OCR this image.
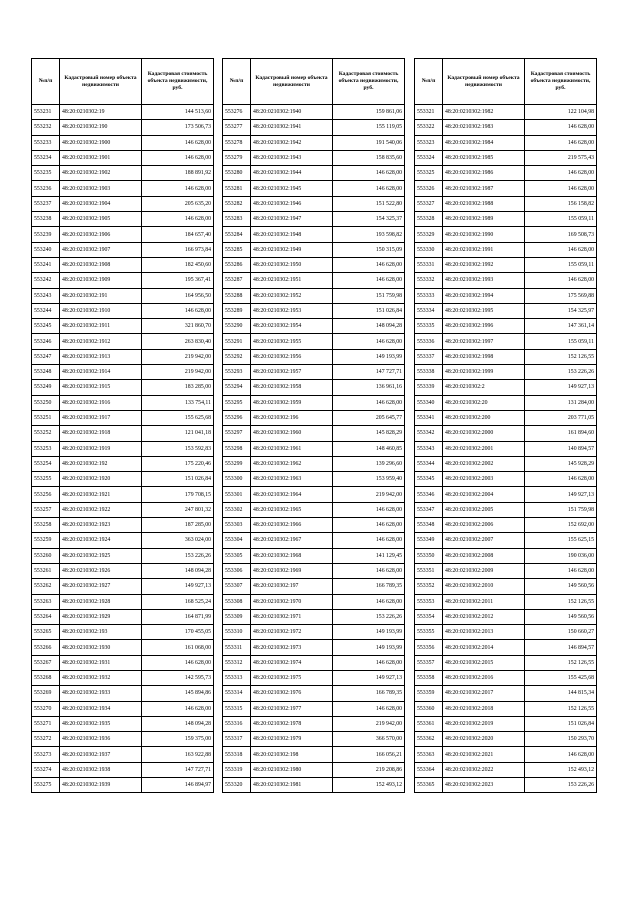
№п/п	Кадастровый номер объекта недвижимости	Кадастровая стоимость объекта недвижимости, руб.
553231	48:20:0210302:19	144 513,60
553232	48:20:0210302:190	173 506,73
553233	48:20:0210302:1900	146 628,00
553234	48:20:0210302:1901	146 628,00
553235	48:20:0210302:1902	188 891,92
553236	48:20:0210302:1903	146 628,00
553237	48:20:0210302:1904	205 635,20
553238	48:20:0210302:1905	146 628,00
553239	48:20:0210302:1906	184 657,40
553240	48:20:0210302:1907	166 973,84
553241	48:20:0210302:1908	182 450,60
553242	48:20:0210302:1909	195 367,41
553243	48:20:0210302:191	164 956,50
553244	48:20:0210302:1910	146 628,00
553245	48:20:0210302:1911	321 860,70
553246	48:20:0210302:1912	263 830,40
553247	48:20:0210302:1913	219 942,00
553248	48:20:0210302:1914	219 942,00
553249	48:20:0210302:1915	183 285,00
553250	48:20:0210302:1916	133 754,11
553251	48:20:0210302:1917	155 625,68
553252	48:20:0210302:1918	121 041,18
553253	48:20:0210302:1919	153 592,83
553254	48:20:0210302:192	175 220,46
553255	48:20:0210302:1920	151 026,84
553256	48:20:0210302:1921	179 708,15
553257	48:20:0210302:1922	247 801,32
553258	48:20:0210302:1923	187 285,00
553259	48:20:0210302:1924	363 024,00
553260	48:20:0210302:1925	153 226,26
553261	48:20:0210302:1926	148 094,28
553262	48:20:0210302:1927	149 927,13
553263	48:20:0210302:1928	168 525,24
553264	48:20:0210302:1929	164 871,99
553265	48:20:0210302:193	170 455,05
553266	48:20:0210302:1930	161 068,00
553267	48:20:0210302:1931	146 628,00
553268	48:20:0210302:1932	142 595,73
553269	48:20:0210302:1933	145 894,86
553270	48:20:0210302:1934	146 628,00
553271	48:20:0210302:1935	148 094,28
553272	48:20:0210302:1936	159 375,00
553273	48:20:0210302:1937	163 922,88
553274	48:20:0210302:1938	147 727,71
553275	48:20:0210302:1939	146 894,97
№п/п	Кадастровый номер объекта недвижимости	Кадастровая стоимость объекта недвижимости, руб.
553276	48:20:0210302:1940	159 861,06
553277	48:20:0210302:1941	155 119,05
553278	48:20:0210302:1942	191 540,06
553279	48:20:0210302:1943	158 835,60
553280	48:20:0210302:1944	146 628,00
553281	48:20:0210302:1945	146 628,00
553282	48:20:0210302:1946	151 522,80
553283	48:20:0210302:1947	154 325,37
553284	48:20:0210302:1948	193 598,82
553285	48:20:0210302:1949	150 315,09
553286	48:20:0210302:1950	146 628,00
553287	48:20:0210302:1951	146 628,00
553288	48:20:0210302:1952	151 759,98
553289	48:20:0210302:1953	151 026,84
553290	48:20:0210302:1954	148 094,28
553291	48:20:0210302:1955	146 628,00
553292	48:20:0210302:1956	149 193,99
553293	48:20:0210302:1957	147 727,71
553294	48:20:0210302:1958	136 961,16
553295	48:20:0210302:1959	146 628,00
553296	48:20:0210302:196	205 645,77
553297	48:20:0210302:1960	145 828,29
553298	48:20:0210302:1961	148 460,85
553299	48:20:0210302:1962	139 296,60
553300	48:20:0210302:1963	153 959,40
553301	48:20:0210302:1964	219 942,00
553302	48:20:0210302:1965	146 628,00
553303	48:20:0210302:1966	146 628,00
553304	48:20:0210302:1967	146 628,00
553305	48:20:0210302:1968	141 129,45
553306	48:20:0210302:1969	146 628,00
553307	48:20:0210302:197	166 789,35
553308	48:20:0210302:1970	146 628,00
553309	48:20:0210302:1971	153 226,26
553310	48:20:0210302:1972	149 193,99
553311	48:20:0210302:1973	149 193,99
553312	48:20:0210302:1974	146 628,00
553313	48:20:0210302:1975	149 927,13
553314	48:20:0210302:1976	166 789,35
553315	48:20:0210302:1977	146 628,00
553316	48:20:0210302:1978	219 942,00
553317	48:20:0210302:1979	366 570,00
553318	48:20:0210302:198	166 056,21
553319	48:20:0210302:1980	219 208,86
553320	48:20:0210302:1981	152 493,12
№п/п	Кадастровый номер объекта недвижимости	Кадастровая стоимость объекта недвижимости, руб.
553321	48:20:0210302:1982	122 104,98
553322	48:20:0210302:1983	146 628,00
553323	48:20:0210302:1984	146 628,00
553324	48:20:0210302:1985	219 575,43
553325	48:20:0210302:1986	146 628,00
553326	48:20:0210302:1987	146 628,00
553327	48:20:0210302:1988	156 158,82
553328	48:20:0210302:1989	155 059,11
553329	48:20:0210302:1990	169 508,73
553330	48:20:0210302:1991	146 628,00
553331	48:20:0210302:1992	155 059,11
553332	48:20:0210302:1993	146 628,00
553333	48:20:0210302:1994	175 569,88
553334	48:20:0210302:1995	154 325,97
553335	48:20:0210302:1996	147 361,14
553336	48:20:0210302:1997	155 059,11
553337	48:20:0210302:1998	152 126,55
553338	48:20:0210302:1999	153 226,26
553339	48:20:0210302:2	149 927,13
553340	48:20:0210302:20	131 284,00
553341	48:20:0210302:200	203 771,05
553342	48:20:0210302:2000	161 894,60
553343	48:20:0210302:2001	140 894,57
553344	48:20:0210302:2002	145 928,29
553345	48:20:0210302:2003	146 628,00
553346	48:20:0210302:2004	149 927,13
553347	48:20:0210302:2005	151 759,98
553348	48:20:0210302:2006	152 692,00
553349	48:20:0210302:2007	155 625,15
553350	48:20:0210302:2008	190 036,00
553351	48:20:0210302:2009	146 628,00
553352	48:20:0210302:2010	149 560,56
553353	48:20:0210302:2011	152 126,55
553354	48:20:0210302:2012	149 560,56
553355	48:20:0210302:2013	150 660,27
553356	48:20:0210302:2014	146 894,57
553357	48:20:0210302:2015	152 126,55
553358	48:20:0210302:2016	155 425,68
553359	48:20:0210302:2017	144 815,34
553360	48:20:0210302:2018	152 126,55
553361	48:20:0210302:2019	151 026,84
553362	48:20:0210302:2020	150 293,70
553363	48:20:0210302:2021	146 628,00
553364	48:20:0210302:2022	152 493,12
553365	48:20:0210302:2023	153 226,26
